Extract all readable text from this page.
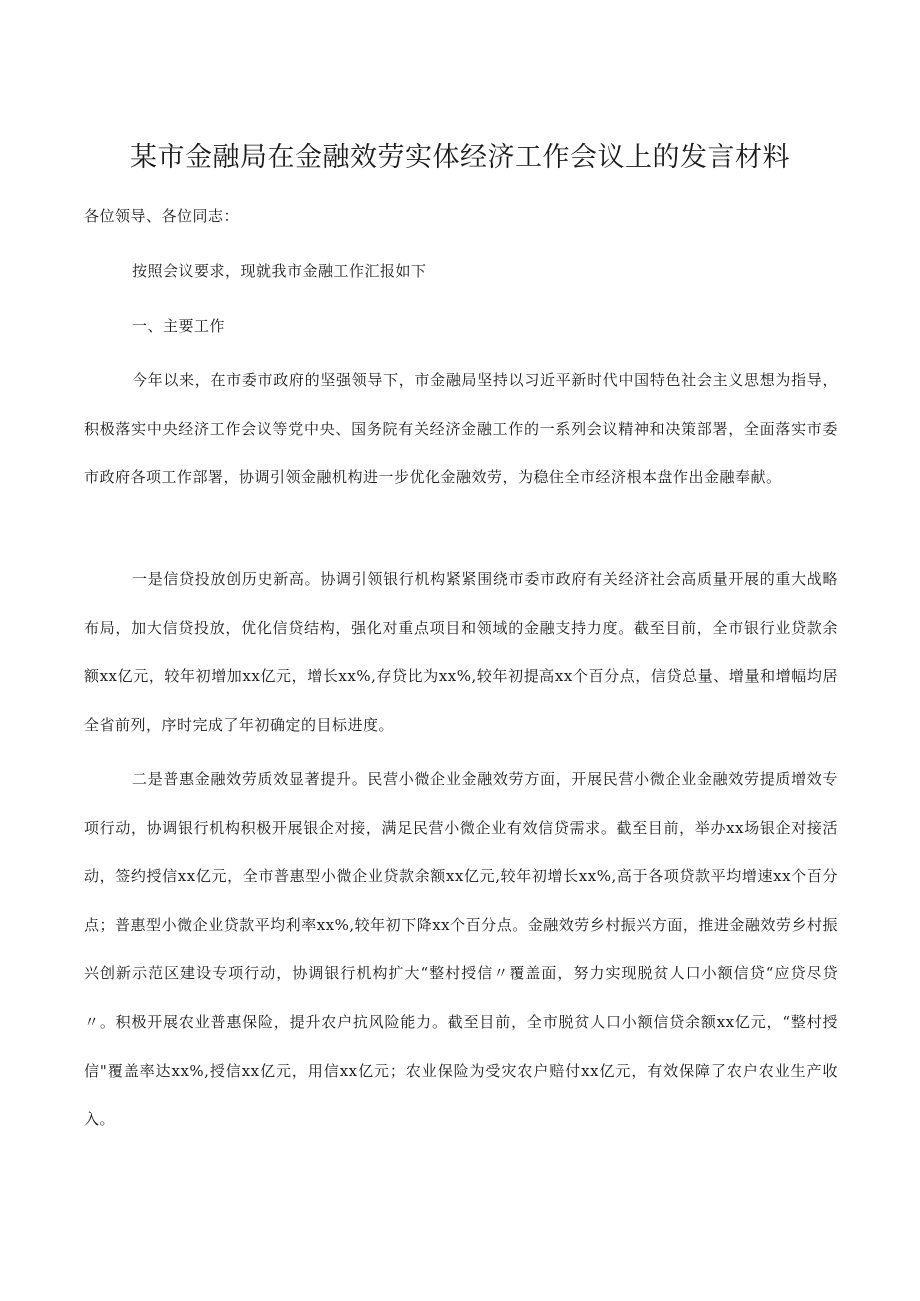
某市金融局在金融效劳实体经济工作会议上的发言材料
各位领导、各位同志：
按照会议要求，现就我市金融工作汇报如下
一、主要工作
今年以来，在市委市政府的坚强领导下，市金融局坚持以习近平新时代中国特色社会主义思想为指导，积极落实中央经济工作会议等党中央、国务院有关经济金融工作的一系列会议精神和决策部署，全面落实市委市政府各项工作部署，协调引领金融机构进一步优化金融效劳，为稳住全市经济根本盘作出金融奉献。
一是信贷投放创历史新高。协调引领银行机构紧紧围绕市委市政府有关经济社会高质量开展的重大战略布局，加大信贷投放，优化信贷结构，强化对重点项目和领域的金融支持力度。截至目前，全市银行业贷款余额xx亿元，较年初增加xx亿元，增长xx%,存贷比为xx%,较年初提高xx个百分点，信贷总量、增量和增幅均居全省前列，序时完成了年初确定的目标进度。
二是普惠金融效劳质效显著提升。民营小微企业金融效劳方面，开展民营小微企业金融效劳提质增效专项行动，协调银行机构积极开展银企对接，满足民营小微企业有效信贷需求。截至目前，举办xx场银企对接活动，签约授信xx亿元，全市普惠型小微企业贷款余额xx亿元,较年初增长xx%,高于各项贷款平均增速xx个百分点；普惠型小微企业贷款平均利率xx%,较年初下降xx个百分点。金融效劳乡村振兴方面，推进金融效劳乡村振兴创新示范区建设专项行动，协调银行机构扩大“整村授信〃覆盖面，努力实现脱贫人口小额信贷“应贷尽贷〃。积极开展农业普惠保险，提升农户抗风险能力。截至目前，全市脱贫人口小额信贷余额xx亿元，“整村授信"覆盖率达xx%,授信xx亿元，用信xx亿元；农业保险为受灾农户赔付xx亿元，有效保障了农户农业生产收入。
